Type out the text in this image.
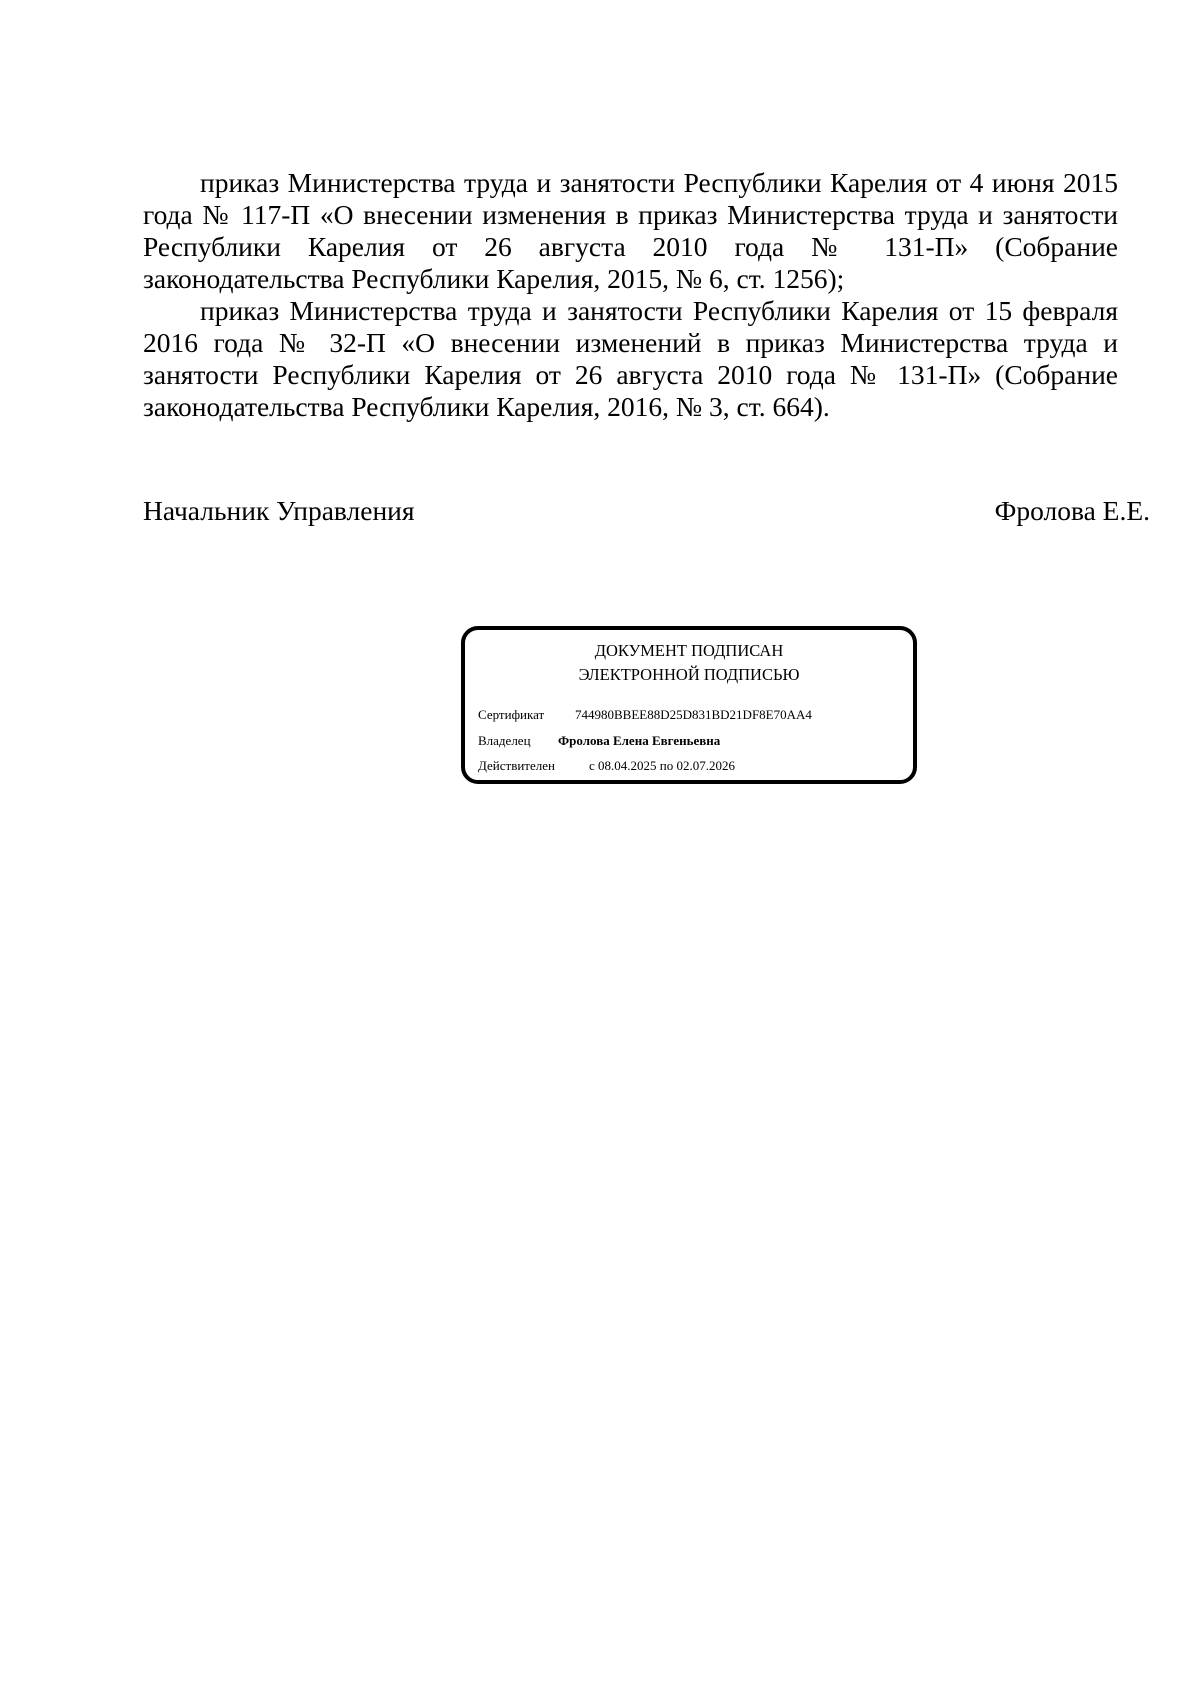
приказ Министерства труда и занятости Республики Карелия от 4 июня 2015 года № 117-П «О внесении изменения в приказ Министерства труда и занятости Республики Карелия от 26 августа 2010 года № 131-П» (Собрание законодательства Республики Карелия, 2015, № 6, ст. 1256);

приказ Министерства труда и занятости Республики Карелия от 15 февраля 2016 года № 32-П «О внесении изменений в приказ Министерства труда и занятости Республики Карелия от 26 августа 2010 года № 131-П» (Собрание законодательства Республики Карелия, 2016, № 3, ст. 664).

Начальник Управления	Фролова Е.Е.
ДОКУМЕНТ ПОДПИСАН
ЭЛЕКТРОННОЙ ПОДПИСЬЮ
Сертификат 744980BBEE88D25D831BD21DF8E70AA4
Владелец Фролова Елена Евгеньевна
Действителен	с 08.04.2025 по 02.07.2026
